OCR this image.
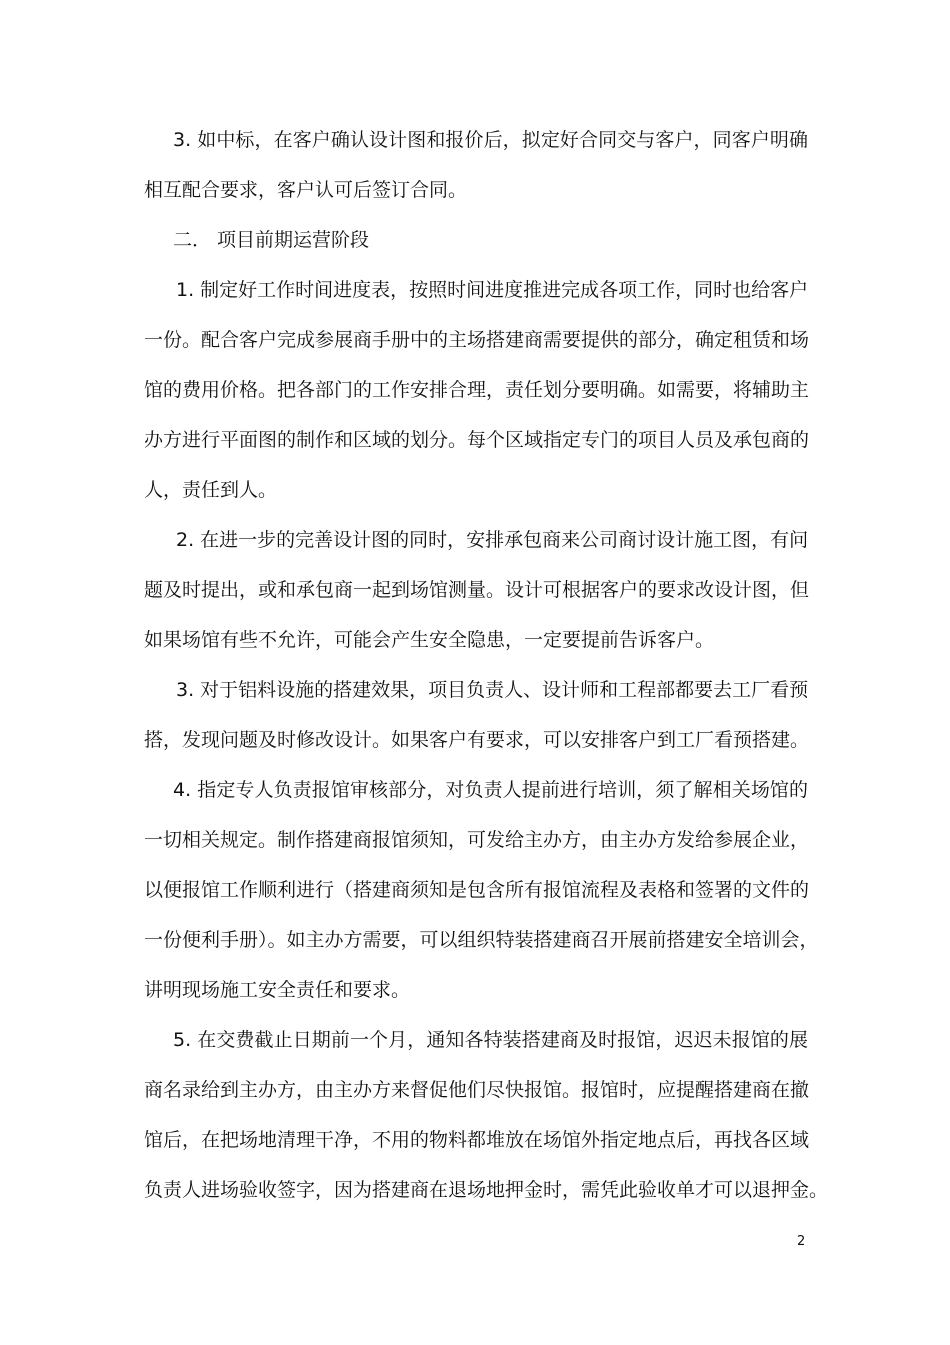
3. 如中标，在客户确认设计图和报价后，拟定好合同交与客户，同客户明确
相互配合要求，客户认可后签订合同。
二． 项目前期运营阶段
1. 制定好工作时间进度表，按照时间进度推进完成各项工作，同时也给客户
一份。配合客户完成参展商手册中的主场搭建商需要提供的部分，确定租赁和场
馆的费用价格。把各部门的工作安排合理，责任划分要明确。如需要，将辅助主
办方进行平面图的制作和区域的划分。每个区域指定专门的项目人员及承包商的
人，责任到人。
2. 在进一步的完善设计图的同时，安排承包商来公司商讨设计施工图，有问
题及时提出，或和承包商一起到场馆测量。设计可根据客户的要求改设计图，但
如果场馆有些不允许，可能会产生安全隐患，一定要提前告诉客户。
3. 对于铝料设施的搭建效果，项目负责人、设计师和工程部都要去工厂看预
搭，发现问题及时修改设计。如果客户有要求，可以安排客户到工厂看预搭建。
4. 指定专人负责报馆审核部分，对负责人提前进行培训，须了解相关场馆的
一切相关规定。制作搭建商报馆须知，可发给主办方，由主办方发给参展企业，
以便报馆工作顺利进行（搭建商须知是包含所有报馆流程及表格和签署的文件的
一份便利手册）。如主办方需要，可以组织特装搭建商召开展前搭建安全培训会，
讲明现场施工安全责任和要求。
5. 在交费截止日期前一个月，通知各特装搭建商及时报馆，迟迟未报馆的展
商名录给到主办方，由主办方来督促他们尽快报馆。报馆时，应提醒搭建商在撤
馆后，在把场地清理干净，不用的物料都堆放在场馆外指定地点后，再找各区域
负责人进场验收签字，因为搭建商在退场地押金时，需凭此验收单才可以退押金。
2
